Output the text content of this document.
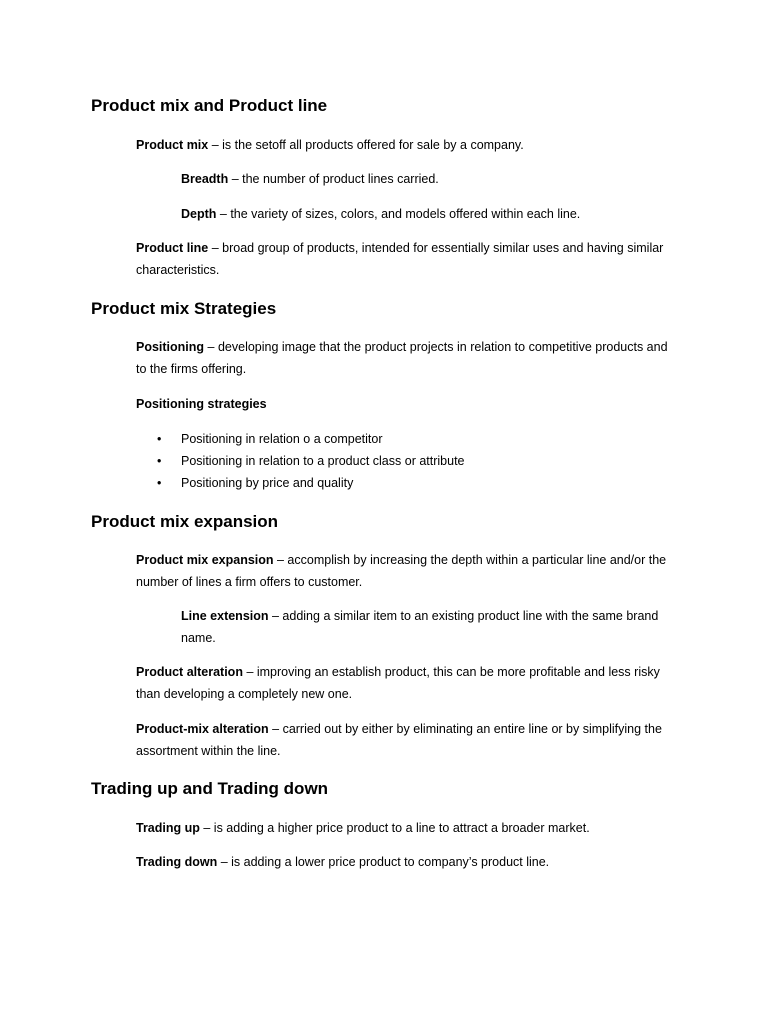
Product mix and Product line

Product mix – is the setoff all products offered for sale by a company.

Breadth – the number of product lines carried.

Depth – the variety of sizes, colors, and models offered within each line.

Product line – broad group of products, intended for essentially similar uses and having similar characteristics.

Product mix Strategies

Positioning – developing image that the product projects in relation to competitive products and to the firms offering.

Positioning strategies

• Positioning in relation o a competitor
• Positioning in relation to a product class or attribute
• Positioning by price and quality
Product mix expansion

Product mix expansion – accomplish by increasing the depth within a particular line and/or the number of lines a firm offers to customer.

Line extension – adding a similar item to an existing product line with the same brand name.

Product alteration – improving an establish product, this can be more profitable and less risky than developing a completely new one.

Product-mix alteration – carried out by either by eliminating an entire line or by simplifying the assortment within the line.

Trading up and Trading down

Trading up – is adding a higher price product to a line to attract a broader market.

Trading down – is adding a lower price product to company’s product line.
